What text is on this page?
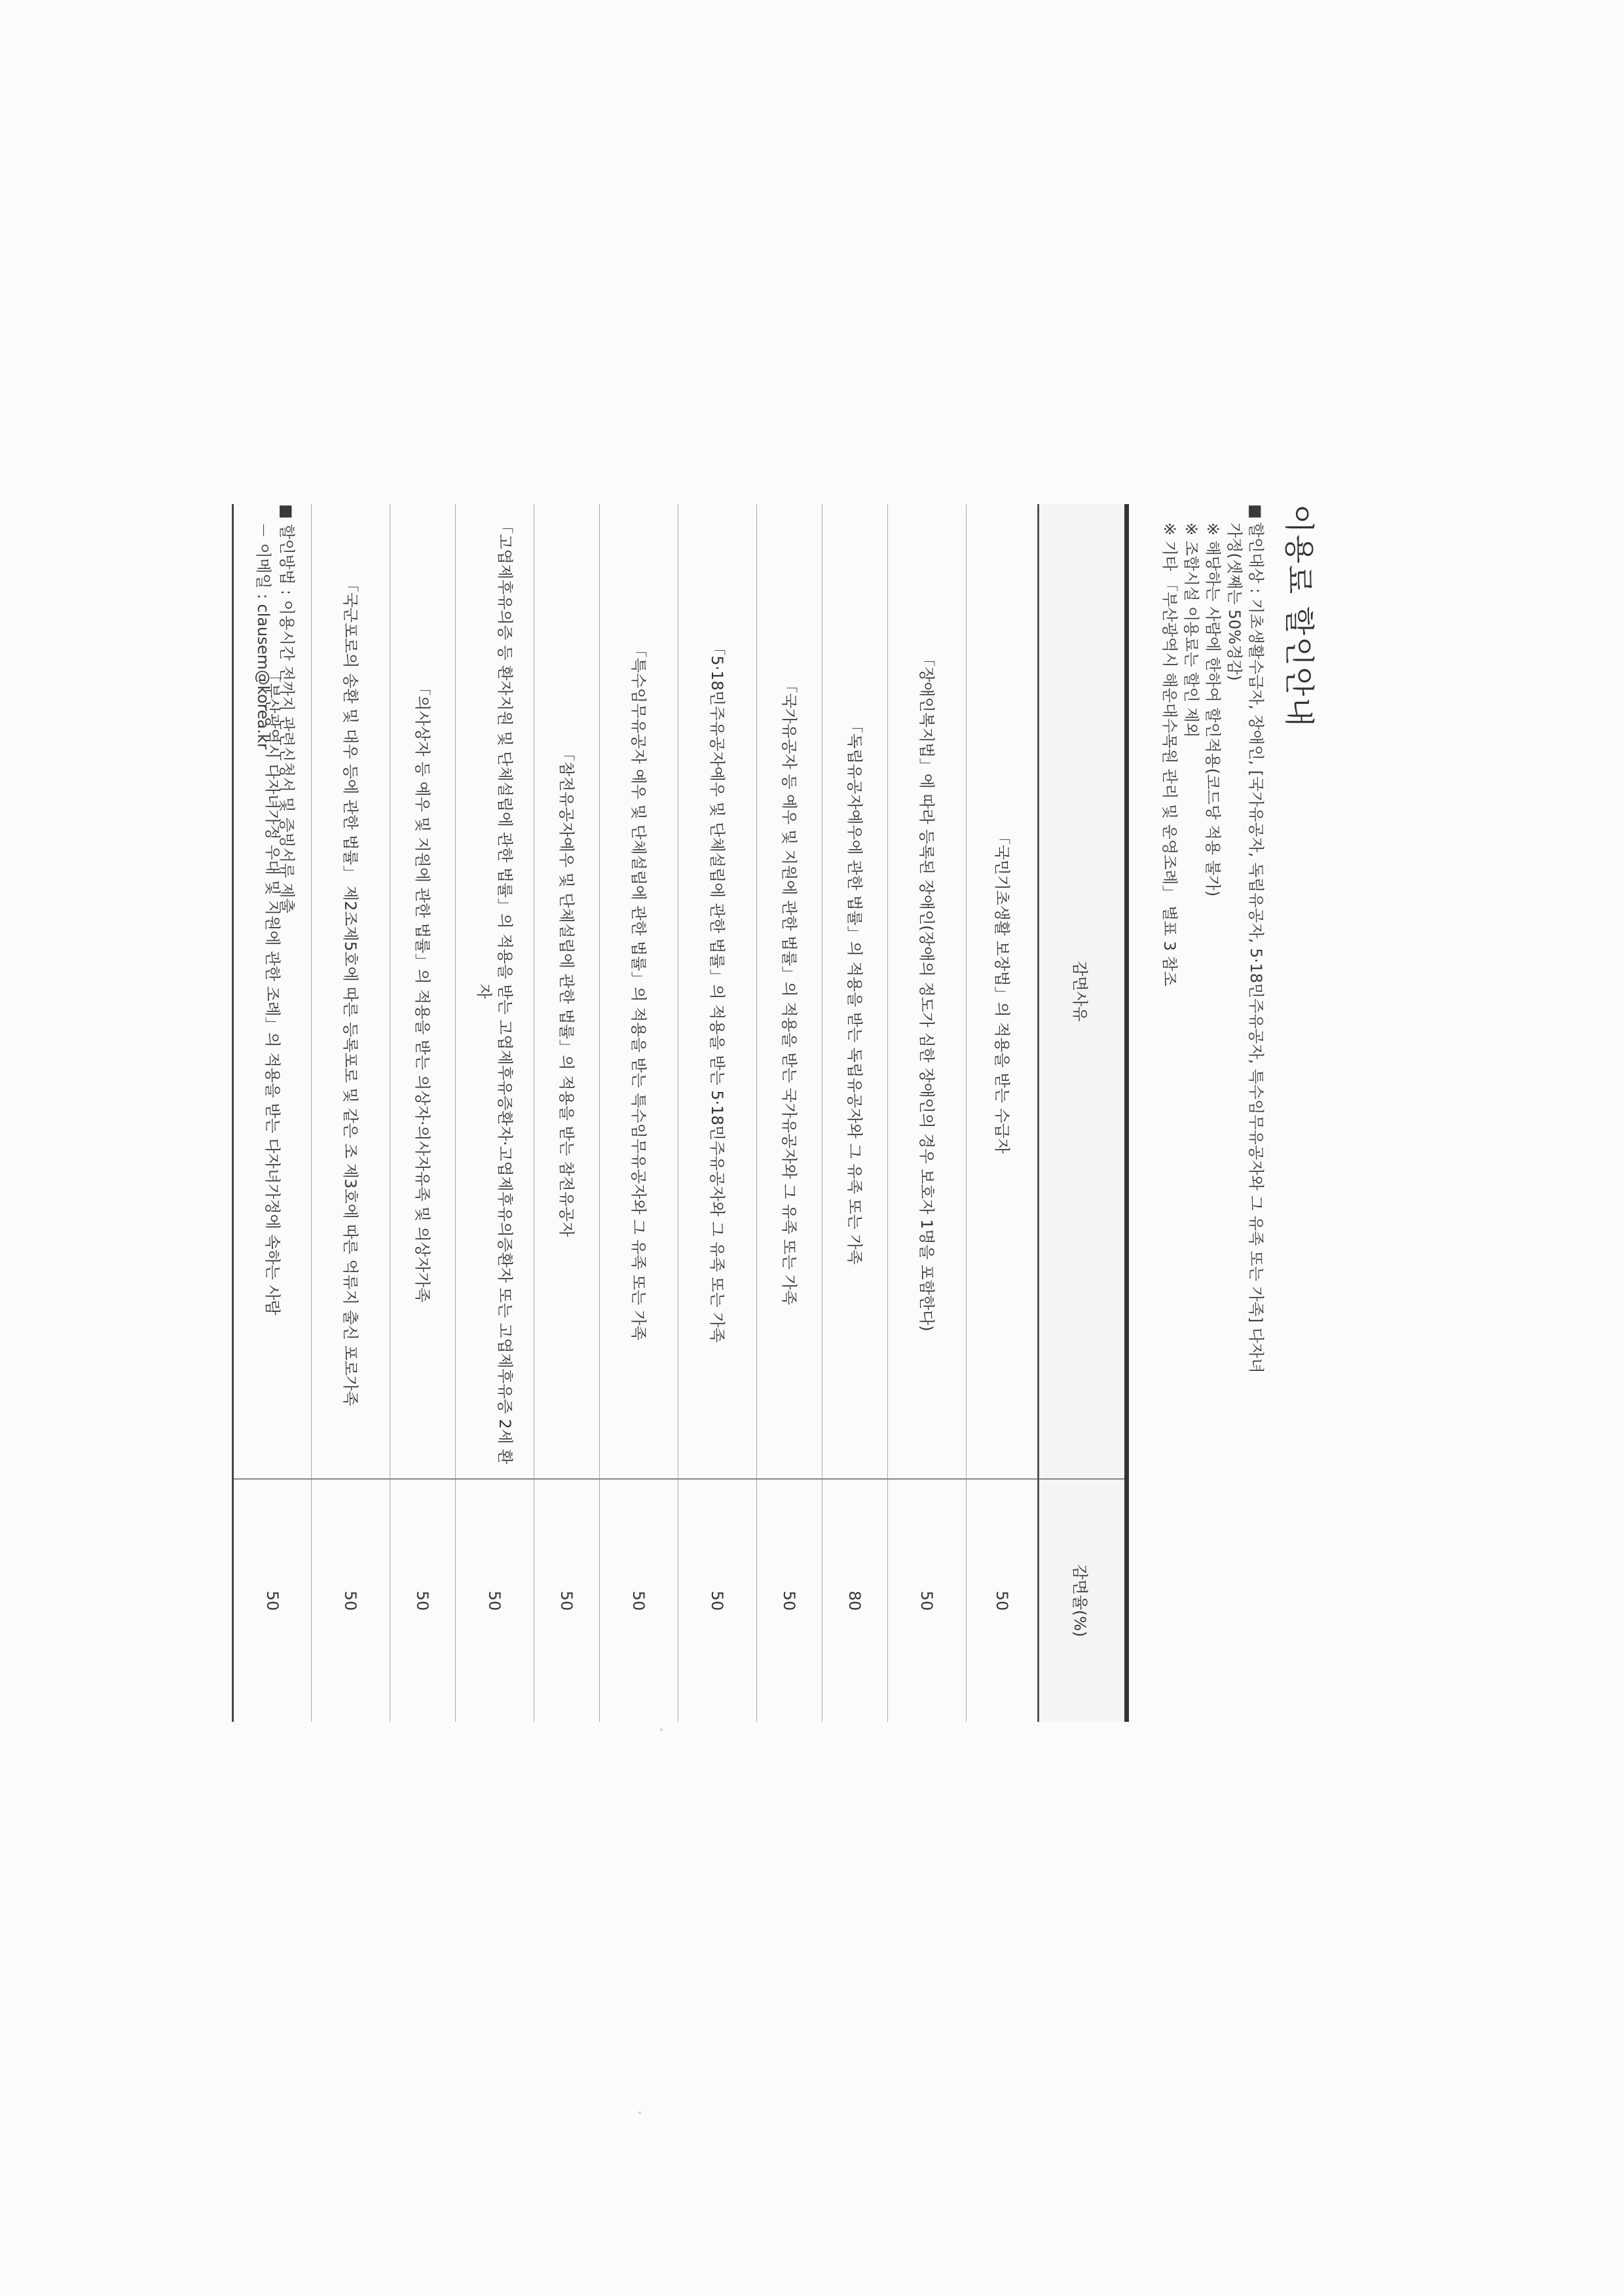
이용료 할인안내
■할인대상 : 기초생활수급자, 장애인, [국가유공자, 독립유공자, 5·18민주유공자, 특수임무유공자와 그 유족 또는 가족] 다자녀
가정(셋째는 50%경감)
※ 해당하는 사람에 한하여 할인적용(코드당 적용 불가)
※ 조합시설 이용료는 할인 제외
※ 기타 「부산광역시 해운대수목원 관리 및 운영조례」 별표 3 참조
감면사유	감면율(%)
「국민기초생활 보장법」의 적용을 받는 수급자	50
「장애인복지법」에 따라 등록된 장애인(장애의 정도가 심한 장애인의 경우 보호자 1명을 포함한다)	50
「독립유공자예우에 관한 법률」의 적용을 받는 독립유공자와 그 유족 또는 가족	80
「국가유공자 등 예우 및 지원에 관한 법률」의 적용을 받는 국가유공자와 그 유족 또는 가족	50
「5·18민주유공자예우 및 단체설립에 관한 법률」의 적용을 받는 5·18민주유공자와 그 유족 또는 가족	50
「특수임무유공자 예우 및 단체설립에 관한 법률」의 적용을 받는 특수임무유공자와 그 유족 또는 가족	50
「참전유공자예우 및 단체설립에 관한 법률」의 적용을 받는 참전유공자	50
「고엽제후유의증 등 환자지원 및 단체설립에 관한 법률」의 적용을 받는 고엽제후유증환자·고엽제후유의증환자 또는 고엽제후유증 2세 환자	50
「의사상자 등 예우 및 지원에 관한 법률」의 적용을 받는 의상자·의사자유족 및 의상자가족	50
「국군포로의 송환 및 대우 등에 관한 법률」 제2조제5호에 따른 등록포로 및 같은 조 제3호에 따른 억류지 출신 포로가족	50
「부산광역시 다자녀가정 우대 및 지원에 관한 조례」의 적용을 받는 다자녀가정에 속하는 사람	50
■ 할인방법 : 이용시간 전까지 관련신청서 및 증빙서류 제출
－ 이메일 : clausem@korea.kr
